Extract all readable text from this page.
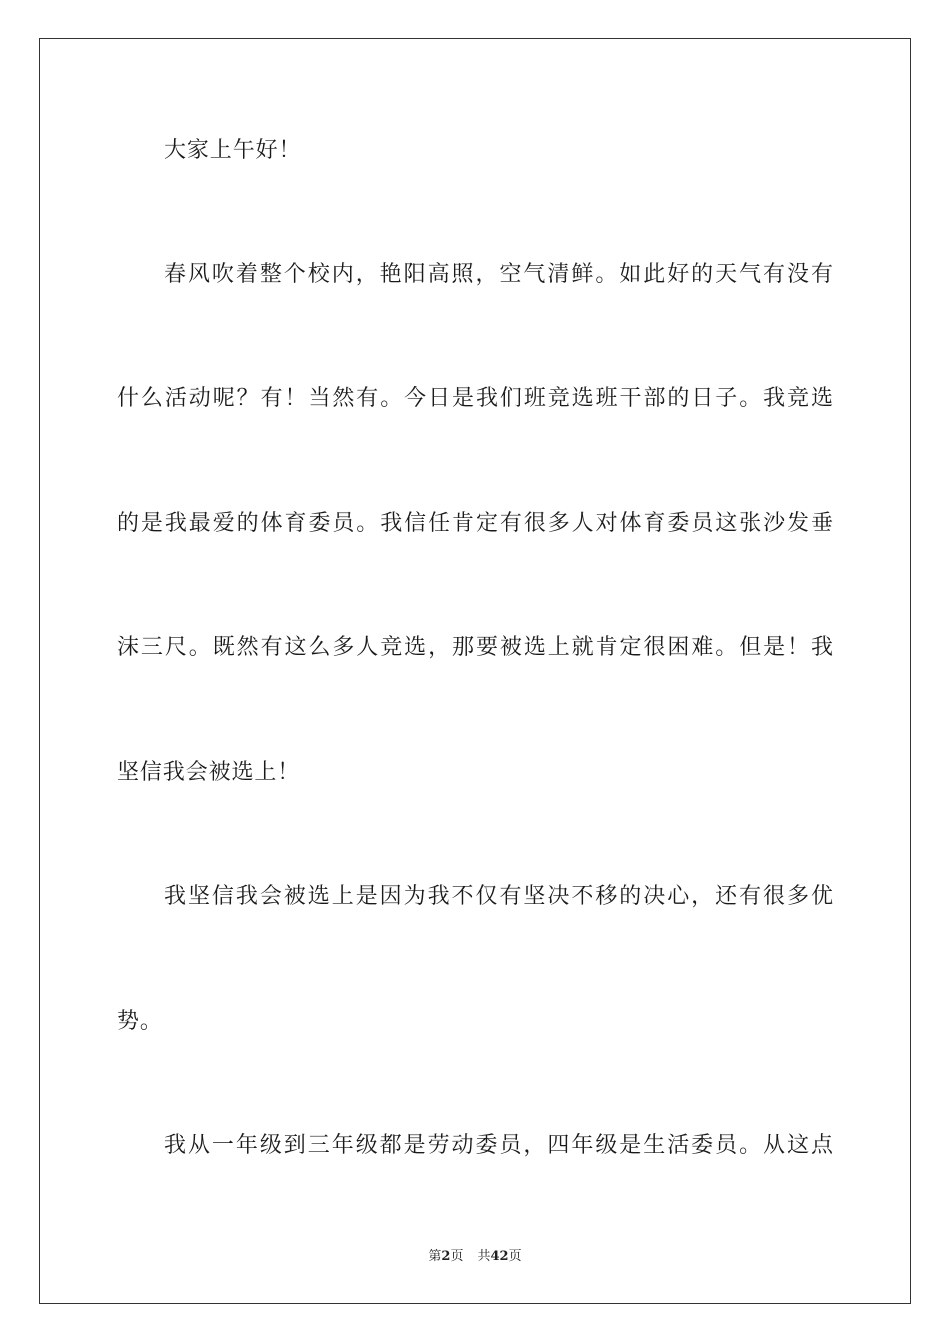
大家上午好！
春风吹着整个校内，艳阳高照，空气清鲜。如此好的天气有没有
什么活动呢？有！当然有。今日是我们班竞选班干部的日子。我竞选
的是我最爱的体育委员。我信任肯定有很多人对体育委员这张沙发垂
沫三尺。既然有这么多人竞选，那要被选上就肯定很困难。但是！我
坚信我会被选上！
我坚信我会被选上是因为我不仅有坚决不移的决心，还有很多优
势。
我从一年级到三年级都是劳动委员，四年级是生活委员。从这点
第2页 共42页
